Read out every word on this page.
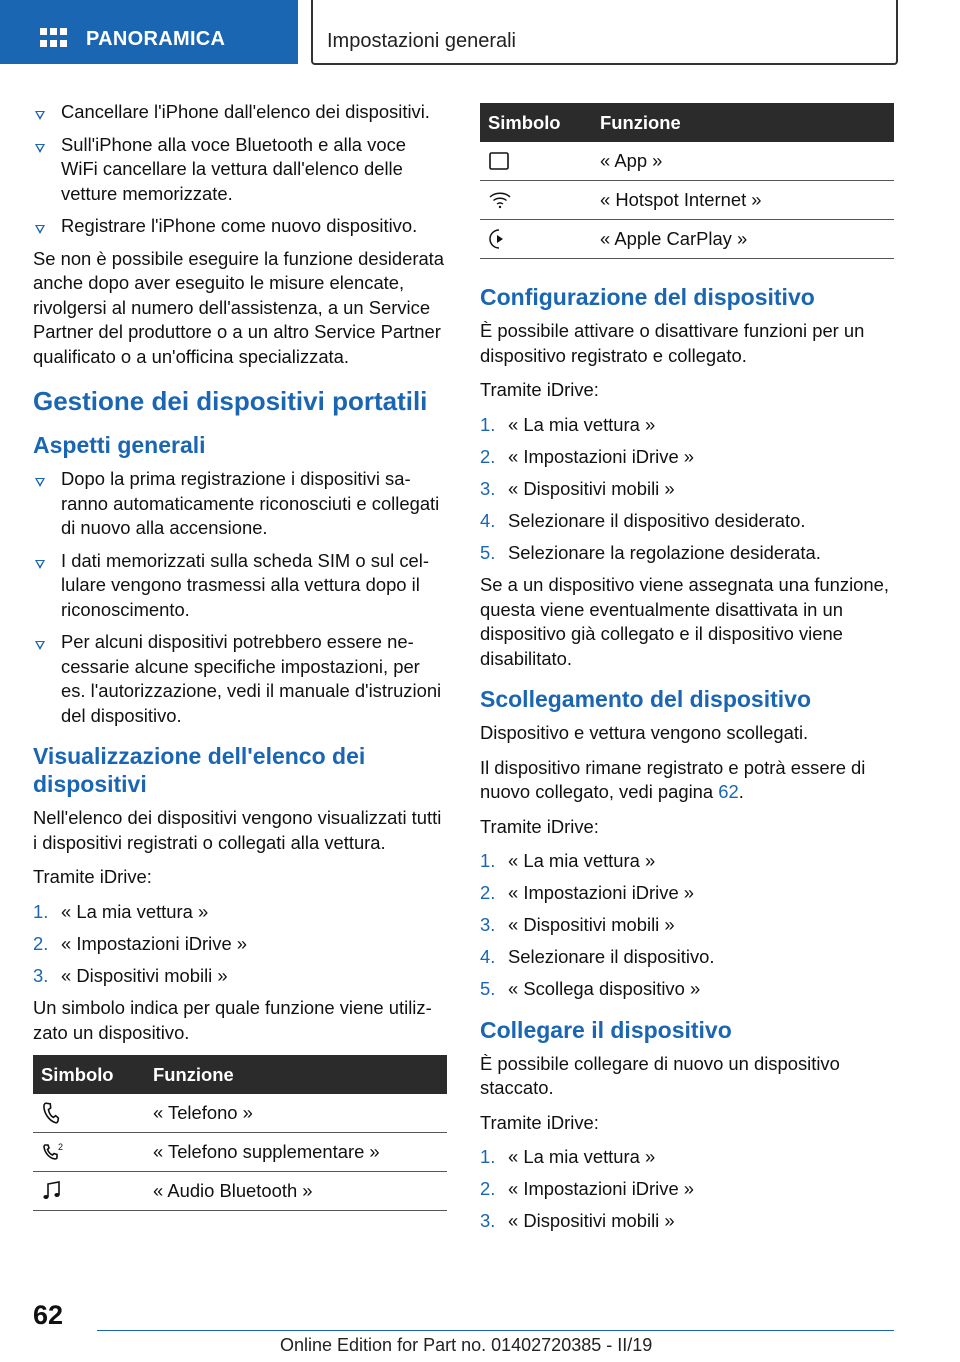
PANORAMICA	Impostazioni generali
Cancellare l'iPhone dall'elenco dei dispositivi.
Sull'iPhone alla voce Bluetooth e alla voce WiFi cancellare la vettura dall'elenco delle vetture memorizzate.
Registrare l'iPhone come nuovo dispositivo.

Se non è possibile eseguire la funzione desiderata anche dopo aver eseguito le misure elencate, rivolgersi al numero dell'assistenza, a un Service Partner del produttore o a un altro Service Partner qualificato o a un'officina specializzata.

Gestione dei dispositivi portatili
Aspetti generali
Dopo la prima registrazione i dispositivi saranno automaticamente riconosciuti e collegati di nuovo alla accensione.
I dati memorizzati sulla scheda SIM o sul cellulare vengono trasmessi alla vettura dopo il riconoscimento.
Per alcuni dispositivi potrebbero essere necessarie alcune specifiche impostazioni, per es. l'autorizzazione, vedi il manuale d'istruzioni del dispositivo.
Visualizzazione dell'elenco dei dispositivi

Nell'elenco dei dispositivi vengono visualizzati tutti i dispositivi registrati o collegati alla vettura.

Tramite iDrive:

1. « La mia vettura »
2. « Impostazioni iDrive »
3. « Dispositivi mobili »

Un simbolo indica per quale funzione viene utilizzato un dispositivo.

Simbolo	Funzione

	« Telefono »

2	« Telefono supplementare »

	« Audio Bluetooth »
Simbolo	Funzione

	« App »

	« Hotspot Internet »

	« Apple CarPlay »
Configurazione del dispositivo

È possibile attivare o disattivare funzioni per un dispositivo registrato e collegato.

Tramite iDrive:

1. « La mia vettura »
2. « Impostazioni iDrive »
3. « Dispositivi mobili »
4. Selezionare il dispositivo desiderato.
5. Selezionare la regolazione desiderata.

Se a un dispositivo viene assegnata una funzione, questa viene eventualmente disattivata in un dispositivo già collegato e il dispositivo viene disabilitato.

Scollegamento del dispositivo

Dispositivo e vettura vengono scollegati.

Il dispositivo rimane registrato e potrà essere di nuovo collegato, vedi pagina 62.

Tramite iDrive:

1. « La mia vettura »
2. « Impostazioni iDrive »
3. « Dispositivi mobili »
4. Selezionare il dispositivo.
5. « Scollega dispositivo »
Collegare il dispositivo

È possibile collegare di nuovo un dispositivo staccato.

Tramite iDrive:

1. « La mia vettura »
2. « Impostazioni iDrive »
3. « Dispositivi mobili »
62
Online Edition for Part no. 01402720385 - II/19
